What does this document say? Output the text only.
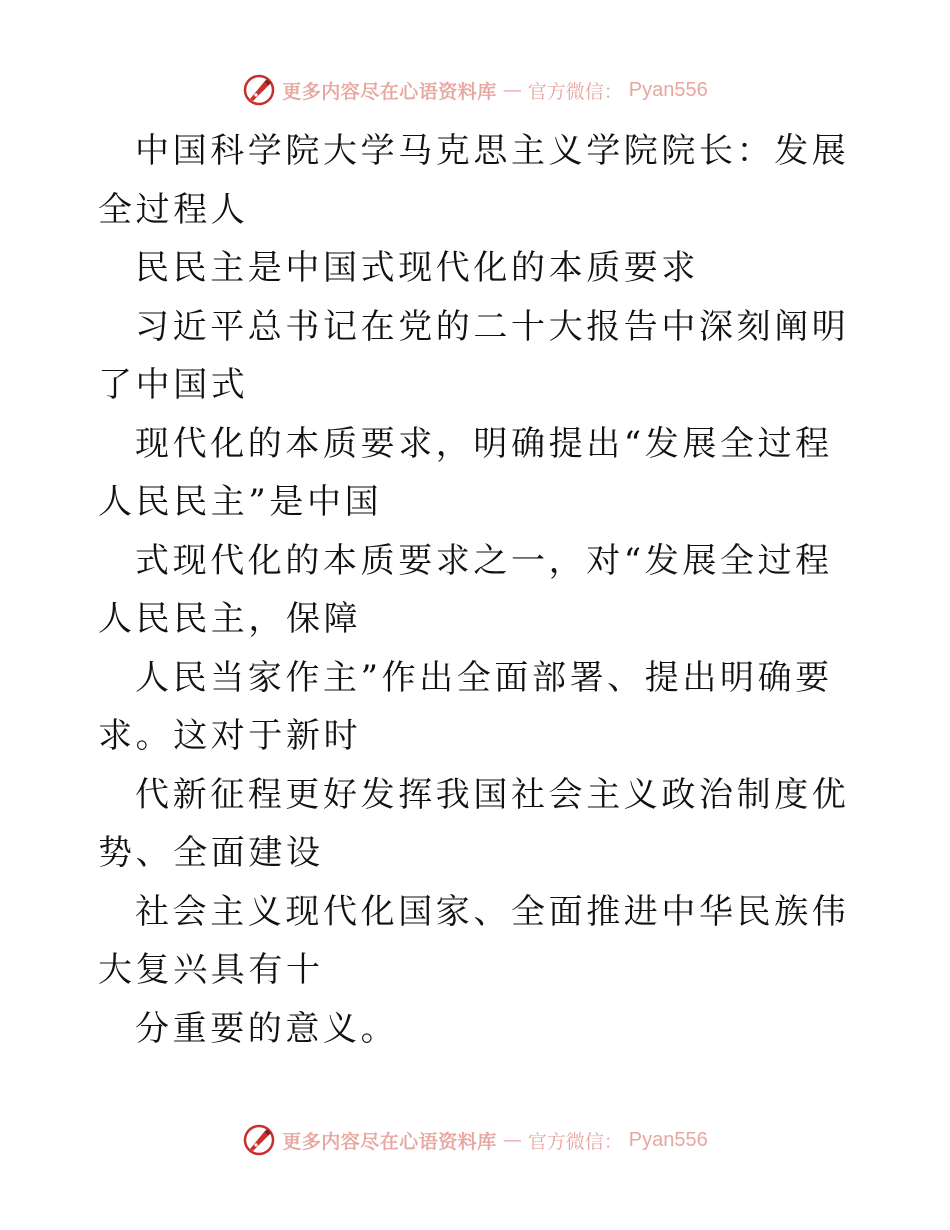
更多内容尽在心语资料库 — 官方微信： Pyan556

中国科学院大学马克思主义学院院长：发展全过程人

民民主是中国式现代化的本质要求

习近平总书记在党的二十大报告中深刻阐明了中国式

现代化的本质要求，明确提出“发展全过程人民民主”是中国

式现代化的本质要求之一，对“发展全过程人民民主，保障

人民当家作主”作出全面部署、提出明确要求。这对于新时

代新征程更好发挥我国社会主义政治制度优势、全面建设

社会主义现代化国家、全面推进中华民族伟大复兴具有十

分重要的意义。

更多内容尽在心语资料库 — 官方微信： Pyan556
